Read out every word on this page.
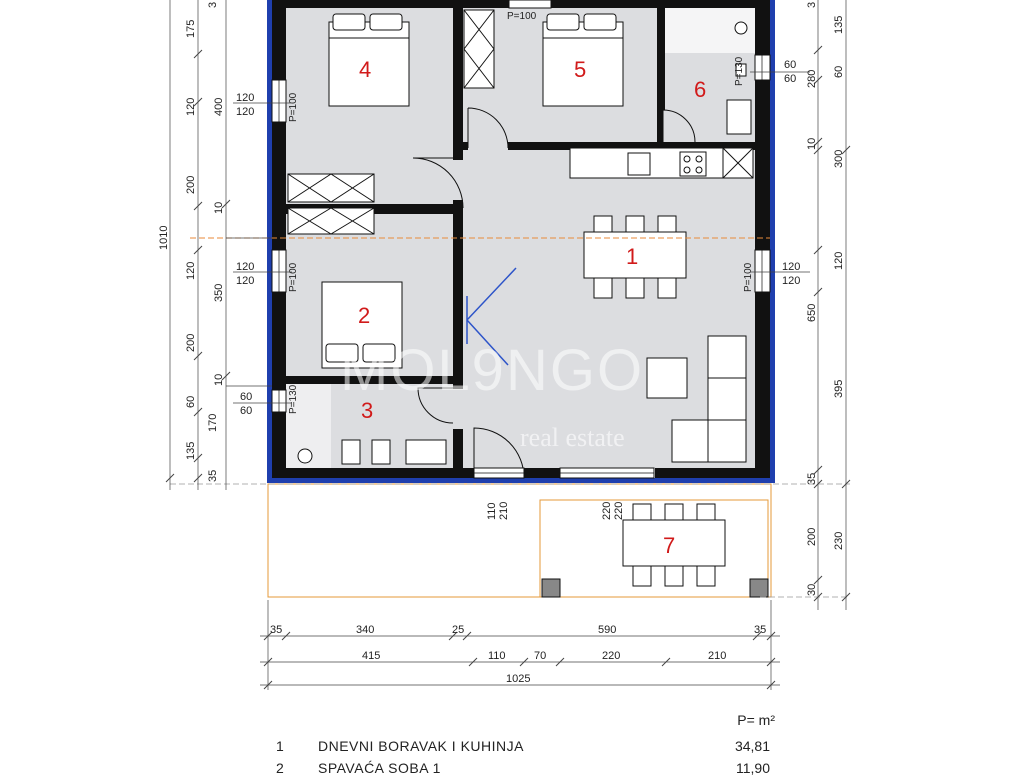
1
2
3
4	5
6
7
P=100
P=100
P=100
P=130
P=130
P=100
1010
400
350
10
10
175
120
200
120
200
60
170
135
35
3
120
120
120
120
60
60
60
60
120
120
110 210	220 220
650
135
60
280
10
300
120
395
35
3
200 230
30
35	340	25	590	35
415	110	70	220	210
1025
MOL9NGO
real estate
P= m²
1 DNEVNI BORAVAK I KUHINJA	34,81
2 SPAVAĆA SOBA 1	11,90
